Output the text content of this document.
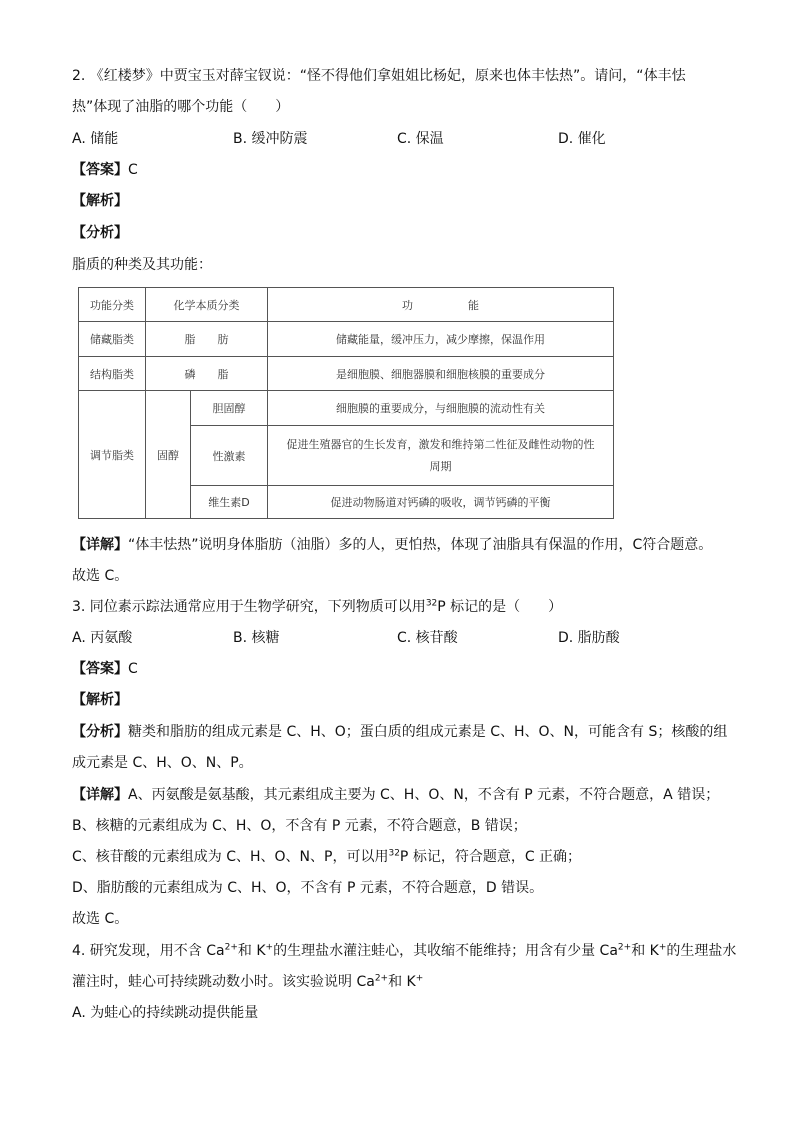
2. 《红楼梦》中贾宝玉对薛宝钗说：“怪不得他们拿姐姐比杨妃，原来也体丰怯热”。请问，“体丰怯
热”体现了油脂的哪个功能（　　）
A. 储能	B. 缓冲防震	C. 保温	D. 催化
【答案】C
【解析】
【分析】
脂质的种类及其功能：
功能分类	化学本质分类		功　　　　　能
储藏脂类	脂　　肪		储藏能量，缓冲压力，减少摩擦，保温作用
结构脂类	磷　　脂		是细胞膜、细胞器膜和细胞核膜的重要成分
调节脂类	固醇	胆固醇	细胞膜的重要成分，与细胞膜的流动性有关
		性激素	促进生殖器官的生长发育，激发和维持第二性征及雌性动物的性
周期
		维生素D	促进动物肠道对钙磷的吸收，调节钙磷的平衡
【详解】“体丰怯热”说明身体脂肪（油脂）多的人，更怕热，体现了油脂具有保温的作用，C符合题意。
故选 C。
3. 同位素示踪法通常应用于生物学研究，下列物质可以用$^{32}$P 标记的是（　　）
A. 丙氨酸	B. 核糖	C. 核苷酸	D. 脂肪酸
【答案】C
【解析】
【分析】糖类和脂肪的组成元素是 C、H、O；蛋白质的组成元素是 C、H、O、N，可能含有 S；核酸的组
成元素是 C、H、O、N、P。
【详解】A、丙氨酸是氨基酸，其元素组成主要为 C、H、O、N，不含有 P 元素，不符合题意，A 错误；
B、核糖的元素组成为 C、H、O，不含有 P 元素，不符合题意，B 错误；
C、核苷酸的元素组成为 C、H、O、N、P，可以用$^{32}$P 标记，符合题意，C 正确；
D、脂肪酸的元素组成为 C、H、O，不含有 P 元素，不符合题意，D 错误。
故选 C。
4. 研究发现，用不含 $Ca^{2+}$和 K+的生理盐水灌注蛙心，其收缩不能维持；用含有少量 $Ca^{2+}$和 K+的生理盐水
灌注时，蛙心可持续跳动数小时。该实验说明 $Ca^{2+}$和 K+
A. 为蛙心的持续跳动提供能量
